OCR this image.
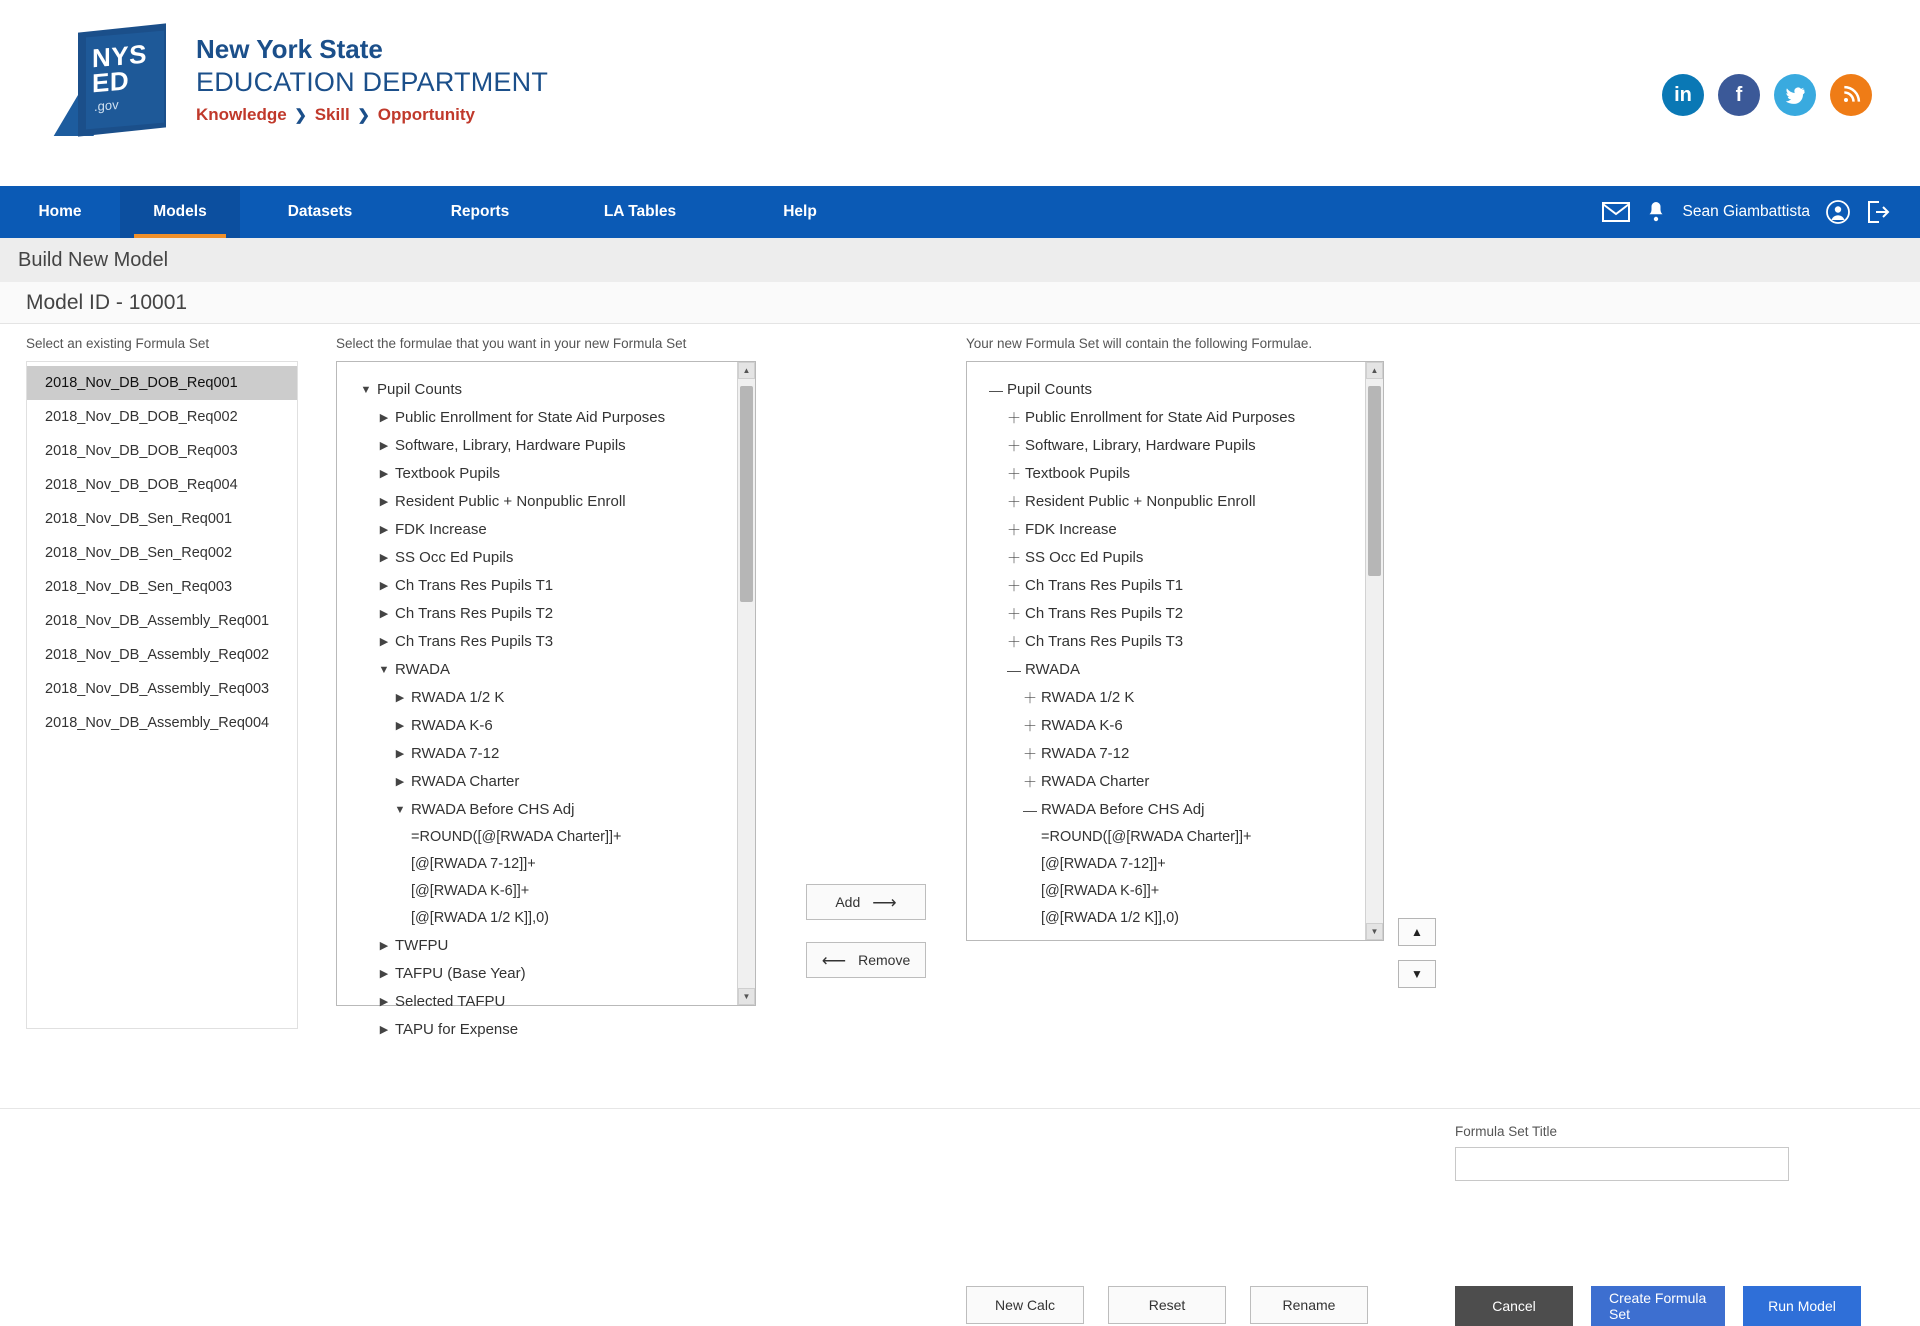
NYS
ED
.gov
New York State
EDUCATION DEPARTMENT
Knowledge ❯ Skill ❯ Opportunity
in f
Home	Models	Datasets	Reports	LA Tables	Help	Sean Giambattista
Build New Model
Model ID - 10001
Select an existing Formula Set
2018_Nov_DB_DOB_Req001
2018_Nov_DB_DOB_Req002
2018_Nov_DB_DOB_Req003
2018_Nov_DB_DOB_Req004
2018_Nov_DB_Sen_Req001
2018_Nov_DB_Sen_Req002
2018_Nov_DB_Sen_Req003
2018_Nov_DB_Assembly_Req001
2018_Nov_DB_Assembly_Req002
2018_Nov_DB_Assembly_Req003
2018_Nov_DB_Assembly_Req004
Select the formulae that you want in your new Formula Set
▼ Pupil Counts
▶ Public Enrollment for State Aid Purposes
▶ Software, Library, Hardware Pupils
▶ Textbook Pupils
▶ Resident Public + Nonpublic Enroll
▶ FDK Increase
▶ SS Occ Ed Pupils
▶ Ch Trans Res Pupils T1
▶ Ch Trans Res Pupils T2
▶ Ch Trans Res Pupils T3
▼ RWADA
▶ RWADA 1/2 K
▶ RWADA K-6
▶ RWADA 7-12
▶ RWADA Charter
▼ RWADA Before CHS Adj
=ROUND([@[RWADA Charter]]+
[@[RWADA 7-12]]+
[@[RWADA K-6]]+
[@[RWADA 1/2 K]],0)
▶ TWFPU
▶ TAFPU (Base Year)
▶ Selected TAFPU
▶ TAPU for Expense
▲
▼
Add ⟶
⟵ Remove
Your new Formula Set will contain the following Formulae.
— Pupil Counts
＋ Public Enrollment for State Aid Purposes
＋ Software, Library, Hardware Pupils
＋ Textbook Pupils
＋ Resident Public + Nonpublic Enroll
＋ FDK Increase
＋ SS Occ Ed Pupils
＋ Ch Trans Res Pupils T1
＋ Ch Trans Res Pupils T2
＋ Ch Trans Res Pupils T3
— RWADA
＋ RWADA 1/2 K
＋ RWADA K-6
＋ RWADA 7-12
＋ RWADA Charter
— RWADA Before CHS Adj
=ROUND([@[RWADA Charter]]+
[@[RWADA 7-12]]+
[@[RWADA K-6]]+
[@[RWADA 1/2 K]],0)
▲
▼	▲
▼
New Calc	Reset	Rename
Formula Set Title
Cancel	Create Formula Set	Run Model
